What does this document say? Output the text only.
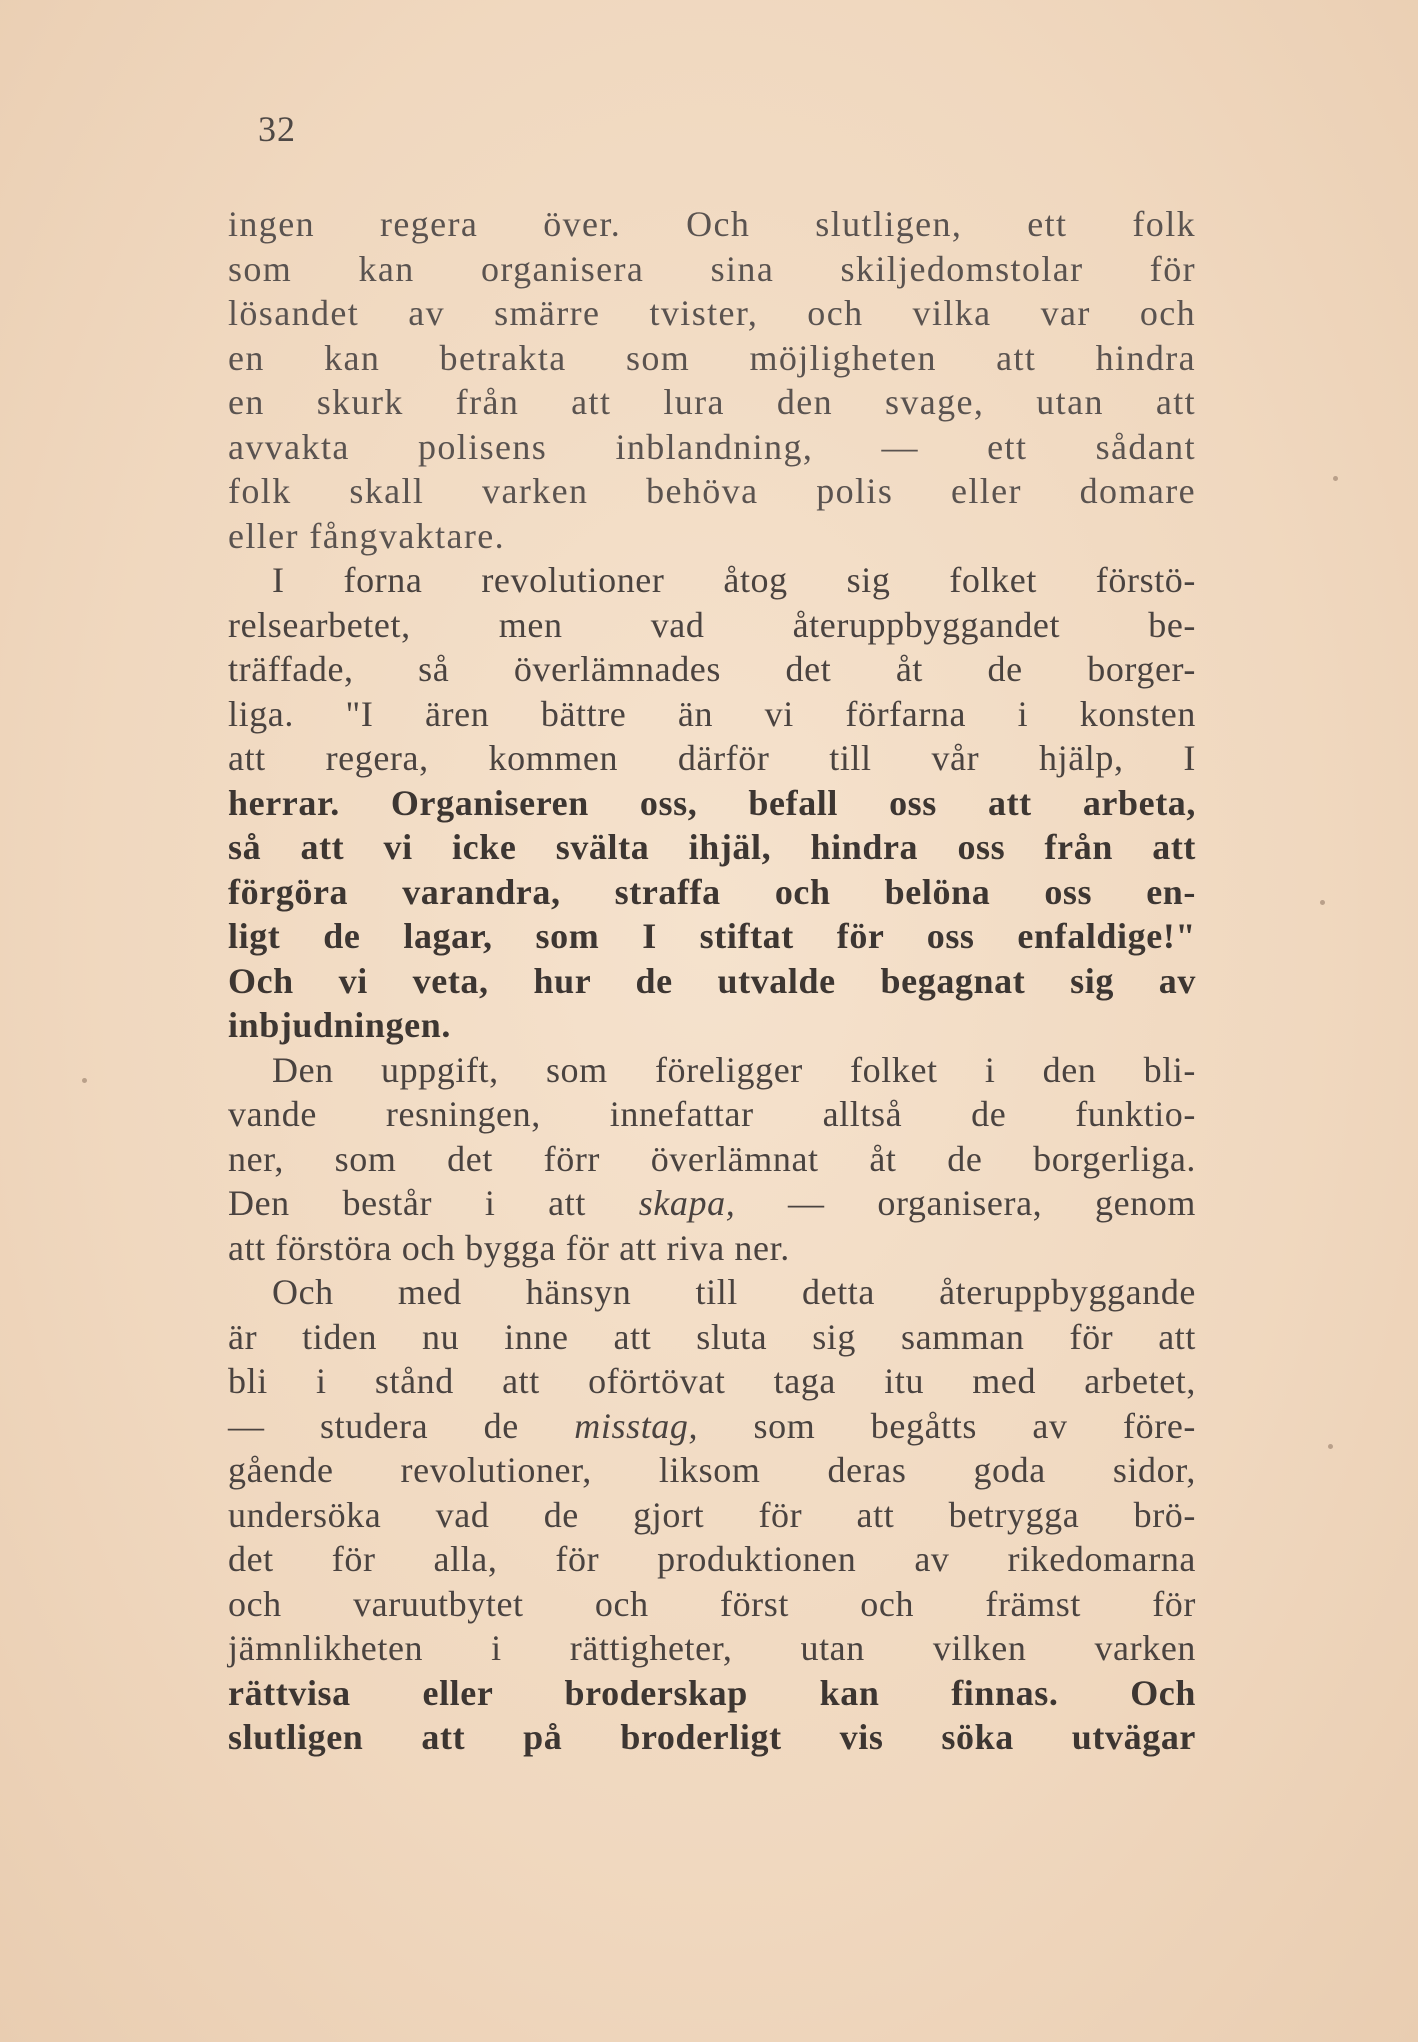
32
ingen regera över. Och slutligen, ett folk
som kan organisera sina skiljedomstolar för
lösandet av smärre tvister, och vilka var och
en kan betrakta som möjligheten att hindra
en skurk från att lura den svage, utan att
avvakta polisens inblandning, — ett sådant
folk skall varken behöva polis eller domare
eller fångvaktare.
I forna revolutioner åtog sig folket förstö-
relsearbetet, men vad återuppbyggandet be-
träffade, så överlämnades det åt de borger-
liga. "I ären bättre än vi förfarna i konsten
att regera, kommen därför till vår hjälp, I
herrar. Organiseren oss, befall oss att arbeta,
så att vi icke svälta ihjäl, hindra oss från att
förgöra varandra, straffa och belöna oss en-
ligt de lagar, som I stiftat för oss enfaldige!"
Och vi veta, hur de utvalde begagnat sig av
inbjudningen.
Den uppgift, som föreligger folket i den bli-
vande resningen, innefattar alltså de funktio-
ner, som det förr överlämnat åt de borgerliga.
Den består i att skapa, — organisera, genom
att förstöra och bygga för att riva ner.
Och med hänsyn till detta återuppbyggande
är tiden nu inne att sluta sig samman för att
bli i stånd att oförtövat taga itu med arbetet,
— studera de misstag, som begåtts av före-
gående revolutioner, liksom deras goda sidor,
undersöka vad de gjort för att betrygga brö-
det för alla, för produktionen av rikedomarna
och varuutbytet och först och främst för
jämnlikheten i rättigheter, utan vilken varken
rättvisa eller broderskap kan finnas. Och
slutligen att på broderligt vis söka utvägar
